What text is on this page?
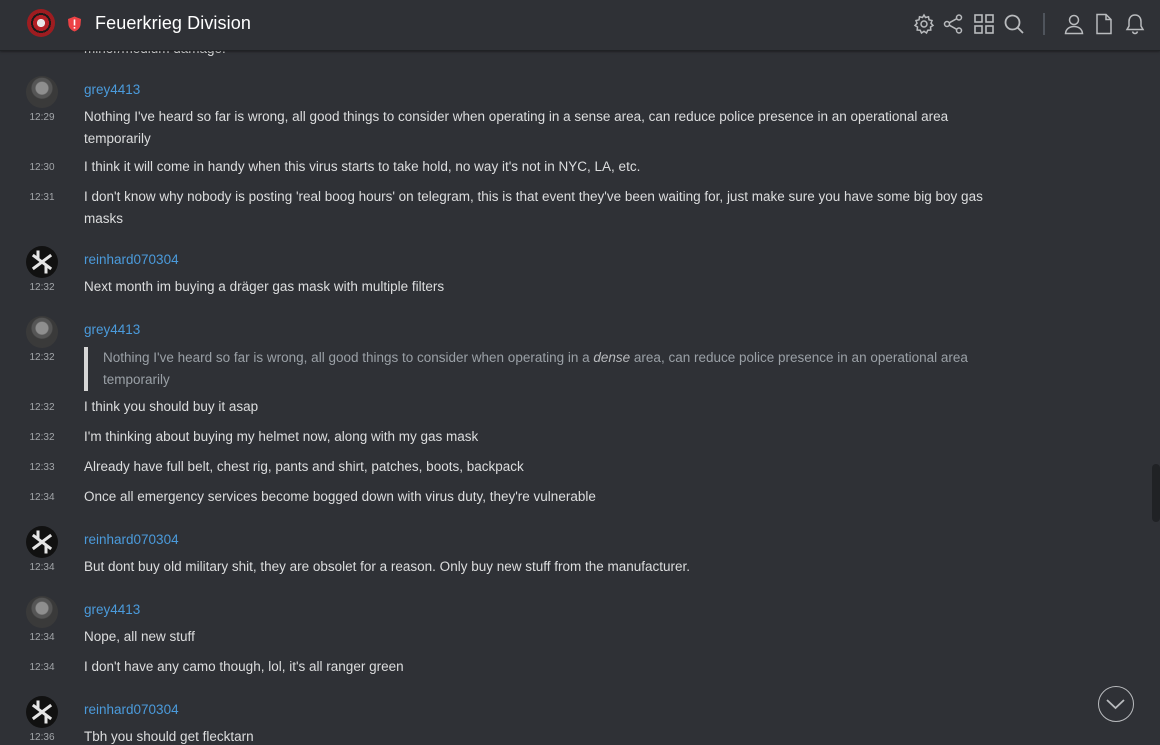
grey4413
12:29	Nothing I've heard so far is wrong, all good things to consider when operating in a sense area, can reduce police presence in an operational area temporarily
12:30	I think it will come in handy when this virus starts to take hold, no way it's not in NYC, LA, etc.
12:31	I don't know why nobody is posting 'real boog hours' on telegram, this is that event they've been waiting for, just make sure you have some big boy gas masks
reinhard070304
12:32	Next month im buying a dräger gas mask with multiple filters
grey4413
12:32	Nothing I've heard so far is wrong, all good things to consider when operating in a dense area, can reduce police presence in an operational area temporarily
12:32	I think you should buy it asap
12:32	I'm thinking about buying my helmet now, along with my gas mask
12:33	Already have full belt, chest rig, pants and shirt, patches, boots, backpack
12:34	Once all emergency services become bogged down with virus duty, they're vulnerable
reinhard070304
12:34	But dont buy old military shit, they are obsolet for a reason. Only buy new stuff from the manufacturer.
grey4413
12:34	Nope, all new stuff
12:34	I don't have any camo though, lol, it's all ranger green
reinhard070304
12:36	Tbh you should get flecktarn
Feuerkrieg Division
